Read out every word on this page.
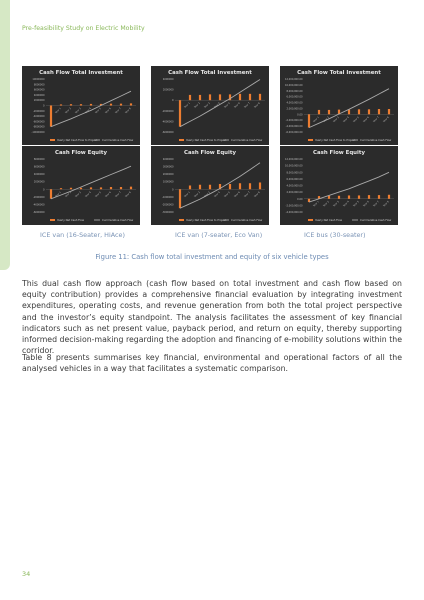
Pre-feasibility Study on Electric Mobility
Cash Flow Total Investment
10000000
8000000
6000000
4000000
2000000
0
-2000000
-4000000
-6000000
-8000000
-10000000
Year 1 Year 2 Year 3 Year 4 Year 5 Year 6 Year 7 Year 8
Yearly Net Cash Flow to Project Cummulative Cash Flow
Cash Flow Total Investment
4000000
2000000
0
-2000000
-4000000
-6000000
Year 1 Year 2 Year 3 Year 4 Year 5 Year 6 Year 7 Year 8
Yearly Net Cash Flow to Project Cummulative Cash Flow
Cash Flow Total Investment
12,000,000.00
10,000,000.00
8,000,000.00
6,000,000.00
4,000,000.00
2,000,000.00
0.00
-2,000,000.00
-4,000,000.00
-6,000,000.00
Year 1 Year 2 Year 3 Year 4 Year 5 Year 6 Year 7 Year 8
Yearly Net Cash Flow to Project Cummulative Cash Flow
Cash Flow Equity
8000000
6000000
4000000
2000000
0
-2000000
-4000000
-6000000
Year 1 Year 2 Year 3 Year 4 Year 5 Year 6 Year 7 Year 8
Yearly Net Cash Flow	Cummulative Cash Flow
Cash Flow Equity
4000000
3000000
2000000
1000000
0
-1000000
-2000000
-3000000
Year 1 Year 2 Year 3 Year 4 Year 5 Year 6 Year 7 Year 8
Yearly Net Cash Flow to Project Cummulative Cash Flow
Cash Flow Equity
12,000,000.00
10,000,000.00
8,000,000.00
6,000,000.00
4,000,000.00
2,000,000.00
0.00
-2,000,000.00
-4,000,000.00
Year 1 Year 2 Year 3 Year 4 Year 5 Year 6 Year 7 Year 8
Yearly Net Cash Flow	Cummulative Cash Flow
ICE van (16-Seater, HiAce)	ICE van (7-seater, Eco Van)	ICE bus (30-seater)
Figure 11: Cash flow total investment and equity of six vehicle types

This dual cash flow approach (cash flow based on total investment and cash flow based on equity contribution) provides a comprehensive financial evaluation by integrating investment expenditures, operating costs, and revenue generation from both the total project perspective and the investor’s equity standpoint. The analysis facilitates the assessment of key financial indicators such as net present value, payback period, and return on equity, thereby supporting informed decision-making regarding the adoption and financing of e-mobility solutions within the corridor.

Table 8 presents summarises key financial, environmental and operational factors of all the analysed vehicles in a way that facilitates a systematic comparison.

34
